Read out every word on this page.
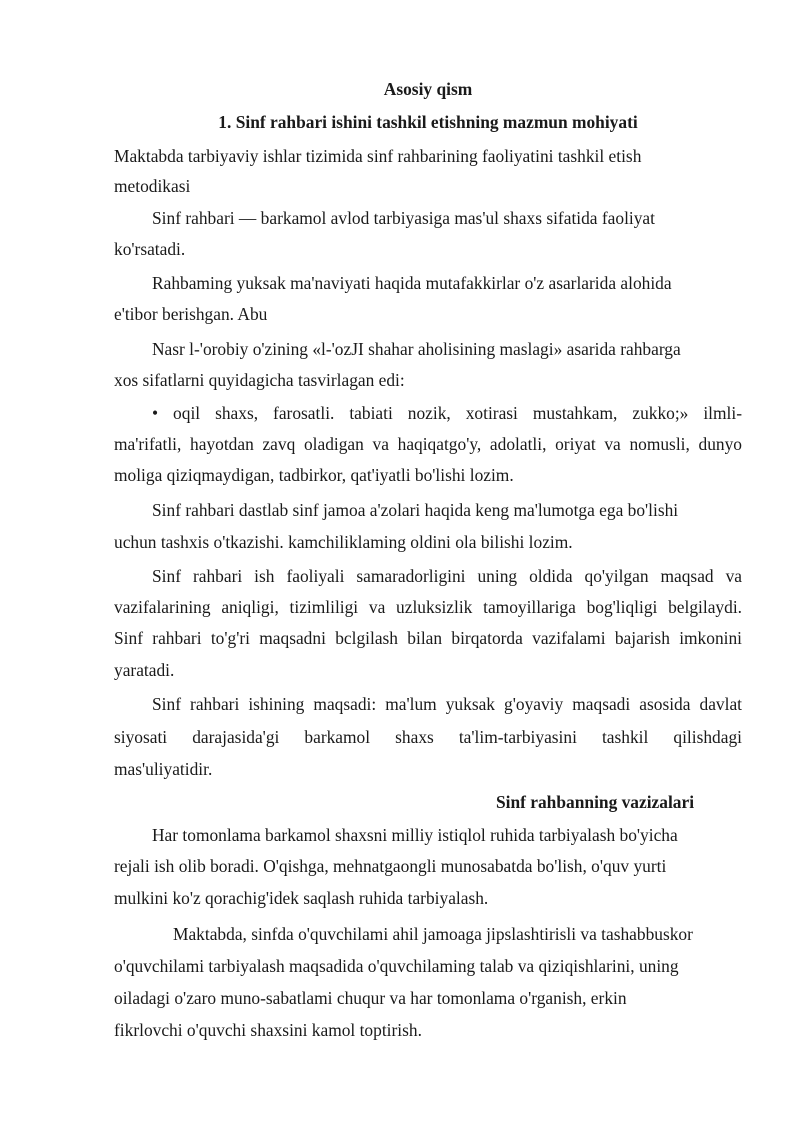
Asosiy qism
1. Sinf rahbari ishini tashkil etishning mazmun mohiyati
Maktabda tarbiyaviy ishlar tizimida sinf rahbarining faoliyatini tashkil etish
metodikasi
Sinf rahbari — barkamol avlod tarbiyasiga mas'ul shaxs sifatida faoliyat
ko'rsatadi.
Rahbaming yuksak ma'naviyati haqida mutafakkirlar o'z asarlarida alohida
e'tibor berishgan. Abu
Nasr l-'orobiy o'zining «l-'ozJI shahar aholisining maslagi» asarida rahbarga
xos sifatlarni quyidagicha tasvirlagan edi:
• oqil shaxs, farosatli. tabiati nozik, xotirasi mustahkam, zukko;» ilmli-
ma'rifatli, hayotdan zavq oladigan va haqiqatgo'y, adolatli, oriyat va nomusli, dunyo
moliga qiziqmaydigan, tadbirkor, qat'iyatli bo'lishi lozim.
Sinf rahbari dastlab sinf jamoa a'zolari haqida keng ma'lumotga ega bo'lishi
uchun tashxis o'tkazishi. kamchiliklaming oldini ola bilishi lozim.
Sinf rahbari ish faoliyali samaradorligini uning oldida qo'yilgan maqsad va
vazifalarining aniqligi, tizimliligi va uzluksizlik tamoyillariga bog'liqligi belgilaydi.
Sinf rahbari to'g'ri maqsadni bclgilash bilan birqatorda vazifalami bajarish imkonini
yaratadi.
Sinf rahbari ishining maqsadi: ma'lum yuksak g'oyaviy maqsadi asosida davlat
siyosati darajasida'gi barkamol shaxs ta'lim-tarbiyasini tashkil qilishdagi
mas'uliyatidir.
Sinf rahbanning vazizalari
Har tomonlama barkamol shaxsni milliy istiqlol ruhida tarbiyalash bo'yicha
rejali ish olib boradi. O'qishga, mehnatgaongli munosabatda bo'lish, o'quv yurti
mulkini ko'z qorachig'idek saqlash ruhida tarbiyalash.
Maktabda, sinfda o'quvchilami ahil jamoaga jipslashtirisli va tashabbuskor
o'quvchilami tarbiyalash maqsadida o'quvchilaming talab va qiziqishlarini, uning
oiladagi o'zaro muno-sabatlami chuqur va har tomonlama o'rganish, erkin
fikrlovchi o'quvchi shaxsini kamol toptirish.
